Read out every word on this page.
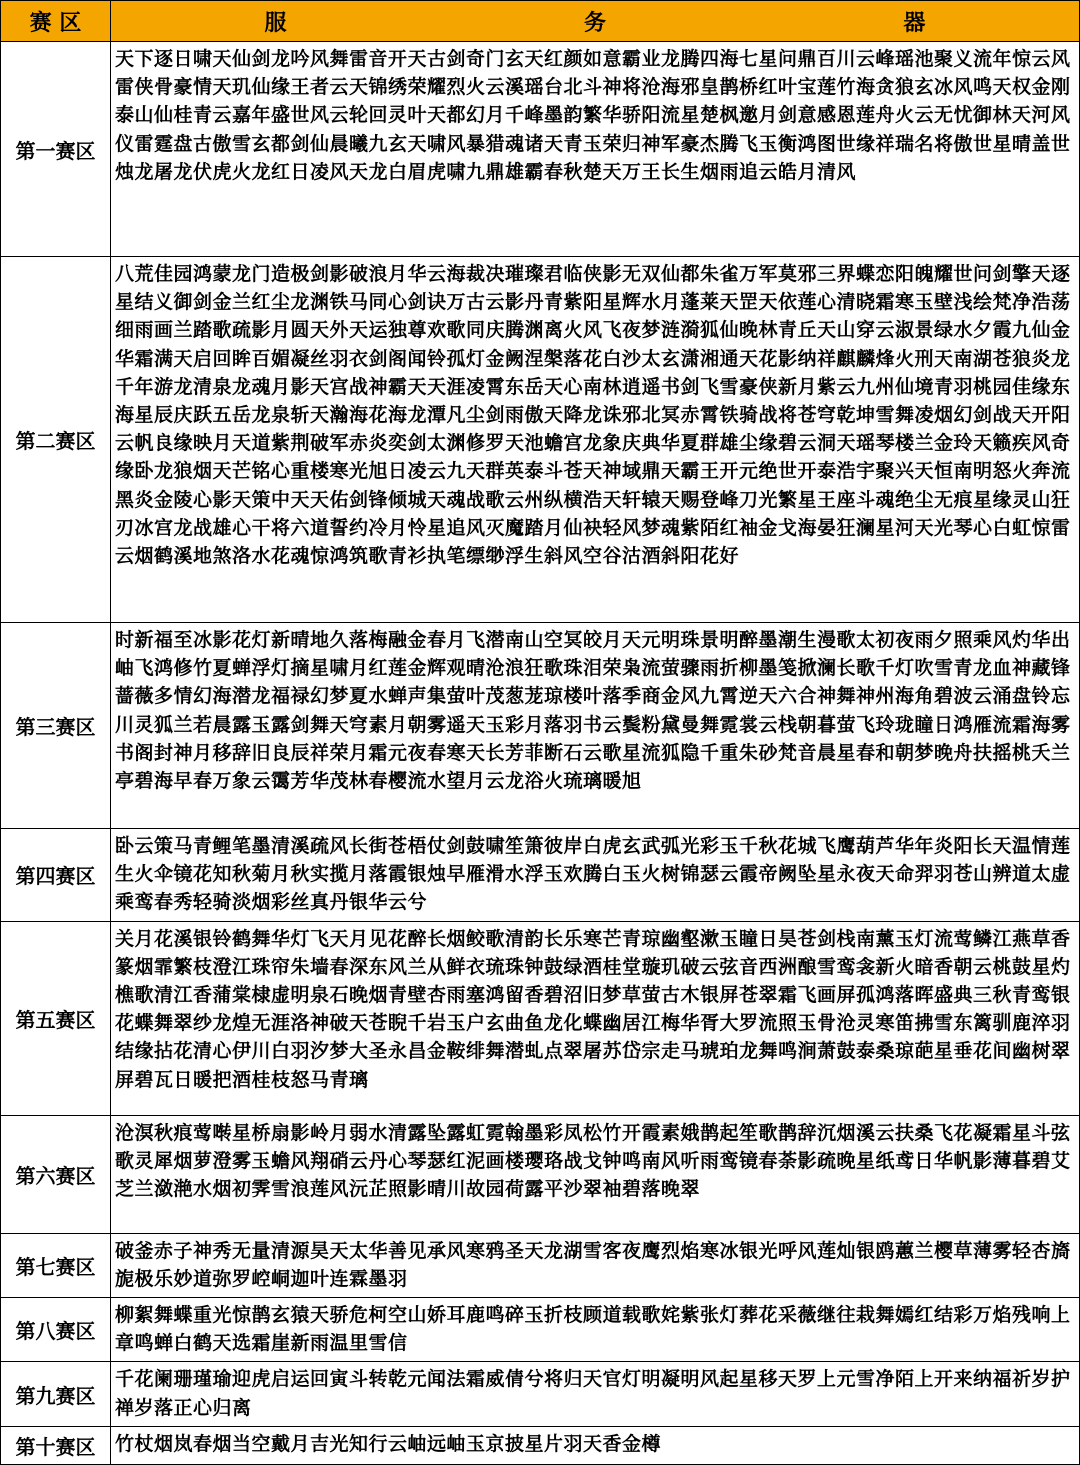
赛 区	服 务 器
第一赛区	天下逐日啸天仙剑龙吟风舞雷音开天古剑奇门玄天红颜如意霸业龙腾四海七星问鼎百川云峰瑶池聚义流年惊云风雷侠骨豪情天玑仙缘王者云天锦绣荣耀烈火云溪瑶台北斗神将沧海邪皇鹊桥红叶宝莲竹海贪狼玄冰风鸣天权金刚泰山仙桂青云嘉年盛世风云轮回灵叶天都幻月千峰墨韵繁华骄阳流星楚枫邀月剑意感恩莲舟火云无忧御林天河风仪雷霆盘古傲雪玄都剑仙晨曦九玄天啸风暴猎魂诸天青玉荣归神军豪杰腾飞玉衡鸿图世缘祥瑞名将傲世星晴盖世烛龙屠龙伏虎火龙红日凌风天龙白眉虎啸九鼎雄霸春秋楚天万王长生烟雨追云皓月清风
第二赛区	八荒佳园鸿蒙龙门造极剑影破浪月华云海裁决璀璨君临侠影无双仙都朱雀万军莫邪三界蝶恋阳魄耀世问剑擎天逐星结义御剑金兰红尘龙渊铁马同心剑诀万古云影丹青紫阳星辉水月蓬莱天罡天依莲心清晓霜寒玉壁浅绘梵净浩荡细雨画兰踏歌疏影月圆天外天运独尊欢歌同庆腾渊离火风飞夜梦涟漪狐仙晚林青丘天山穿云淑景绿水夕霞九仙金华霜满天启回眸百媚凝丝羽衣剑阁闻铃孤灯金阙涅槃落花白沙太玄潇湘通天花影纳祥麒麟烽火刑天南湖苍狼炎龙千年游龙清泉龙魂月影天宫战神霸天天涯凌霄东岳天心南林逍遥书剑飞雪豪侠新月紫云九州仙境青羽桃园佳缘东海星辰庆跃五岳龙泉斩天瀚海花海龙潭凡尘剑雨傲天降龙诛邪北冥赤霄铁骑战将苍穹乾坤雪舞凌烟幻剑战天开阳云帆良缘映月天道紫荆破军赤炎奕剑太渊修罗天池蟾宫龙象庆典华夏群雄尘缘碧云洞天瑶琴楼兰金玲天籁疾风奇缘卧龙狼烟天芒铭心重楼寒光旭日凌云九天群英泰斗苍天神域鼎天霸王开元绝世开泰浩宇聚兴天恒南明怒火奔流黑炎金陵心影天策中天天佑剑锋倾城天魂战歌云州纵横浩天轩辕天赐登峰刀光繁星王座斗魂绝尘无痕星缘灵山狂刃冰宫龙战雄心干将六道誓约冷月怜星追风灭魔踏月仙袂轻风梦魂紫陌红袖金戈海晏狂澜星河天光琴心白虹惊雷云烟鹤溪地煞洛水花魂惊鸿筑歌青衫执笔缥缈浮生斜风空谷沽酒斜阳花好
第三赛区	时新福至冰影花灯新晴地久落梅融金春月飞潜南山空冥皎月天元明珠景明醉墨潮生漫歌太初夜雨夕照乘风灼华出岫飞鸿修竹夏蝉浮灯摘星啸月红莲金辉观晴沧浪狂歌珠泪荣枭流萤骤雨折柳墨笺掀澜长歌千灯吹雪青龙血神藏锋蔷薇多情幻海潜龙福禄幻梦夏水蝉声集萤叶茂葱茏琼楼叶落季商金风九霄逆天六合神舞神州海角碧波云涌盘铃忘川灵狐兰若晨露玉露剑舞天穹素月朝雾遥天玉彩月落羽书云鬓粉黛曼舞霓裳云栈朝暮萤飞玲珑瞳日鸿雁流霜海雾书阁封神月移辞旧良辰祥荣月霜元夜春寒天长芳菲断石云歌星流狐隐千重朱砂梵音晨星春和朝梦晚舟扶摇桃夭兰亭碧海早春万象云霭芳华茂林春樱流水望月云龙浴火琉璃暖旭
第四赛区	卧云策马青鲤笔墨清溪疏风长街苍梧仗剑鼓啸笙箫彼岸白虎玄武弧光彩玉千秋花城飞鹰葫芦华年炎阳长天温情莲生火伞镜花知秋菊月秋实揽月落霞银烛早雁滑水浮玉欢腾白玉火树锦瑟云霞帝阙坠星永夜天命羿羽苍山辨道太虚乘鸾春秀轻骑淡烟彩丝真丹银华云兮
第五赛区	关月花溪银铃鹤舞华灯飞天月见花醉长烟鲛歌清韵长乐寒芒青琼幽壑漱玉瞳日昊苍剑栈南薰玉灯流莺鳞江燕草香篆烟霏繁枝澄江珠帘朱墙春深东风兰从鲜衣琉珠钟鼓绿酒桂堂璇玑破云弦音西洲酿雪鸾衾新火暗香朝云桃鼓星灼樵歌清江香蒲棠棣虚明泉石晚烟青壁杏雨塞鸿留香碧沼旧梦草萤古木银屏苍翠霜飞画屏孤鸿落晖盛典三秋青鸾银花蝶舞翠纱龙煌无涯洛神破天苍睨千岩玉户玄曲鱼龙化蝶幽居江梅华胥大罗流照玉骨沧灵寒笛拂雪东篱驯鹿淬羽结缘拈花清心伊川白羽汐梦大圣永昌金鞍绯舞潜虬点翠屠苏岱宗走马琥珀龙舞鸣涧萧鼓泰桑琼葩星垂花间幽树翠屏碧瓦日暖把酒桂枝怒马青璃
第六赛区	沧溟秋痕莺啭星桥扇影岭月弱水清露坠露虹霓翰墨彩凤松竹开霞素娥鹊起笙歌鹊辞沉烟溪云扶桑飞花凝霜星斗弦歌灵犀烟萝澄雾玉蟾风翔硝云丹心琴瑟红泥画楼璎珞战戈钟鸣南风听雨鸾镜春荼影疏晚星纸鸢日华帆影薄暮碧艾芝兰潋滟水烟初霁雪浪莲风沅芷照影晴川故园荷露平沙翠袖碧落晚翠
第七赛区	破釜赤子神秀无量清源昊天太华善见承风寒鸦圣天龙湖雪客夜鹰烈焰寒冰银光呼风莲灿银鸥蕙兰樱草薄雾轻杏旖旎极乐妙道弥罗崆峒迦叶连霖墨羽
第八赛区	柳絮舞蝶重光惊鹊玄猿天骄危柯空山娇耳鹿鸣碎玉折枝顾道载歌姹紫张灯葬花采薇继往栽舞嫣红结彩万焰残响上章鸣蝉白鹤天选霜崖新雨温里雪信
第九赛区	千花阑珊瑾瑜迎虎启运回寅斗转乾元闻法霜威倩兮将归天官灯明凝明风起星移天罗上元雪净陌上开来纳福祈岁护禅岁落正心归离
第十赛区	竹杖烟岚春烟当空戴月吉光知行云岫远岫玉京披星片羽天香金樽
